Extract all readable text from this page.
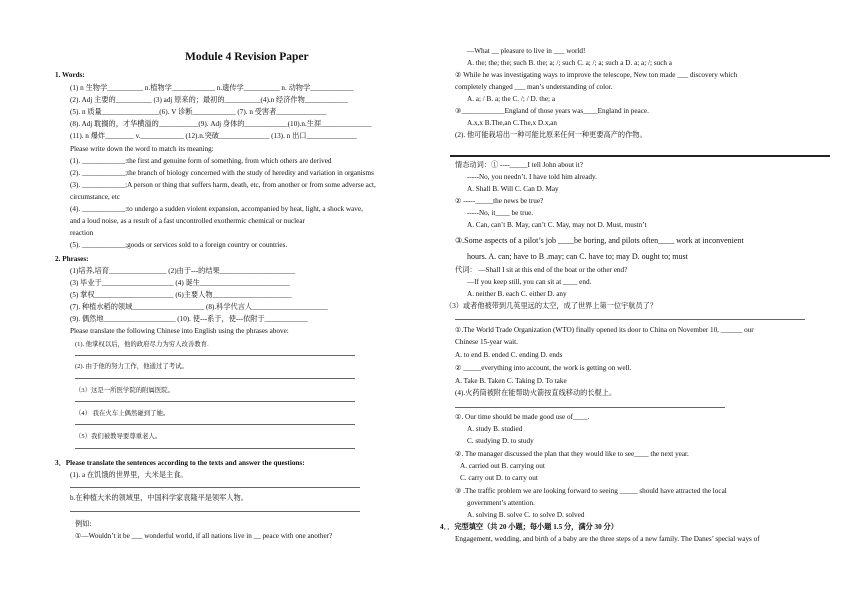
Module 4 Revision Paper
1. Words:
(1) n 生物学__________ n.植物学____________ n.遗传学__________ n. 动物学____________
(2). Adj 主要的__________ (3) adj 原来的；最初的__________(4).n 经济作物____________
(5). n 质量________________(6). V 诊断____________ (7). n 受害者______________
(8). Adj 耽搁的，才华横溢的___________(9). Adj 身体的____________(10).n.生涯______________
(11). n 爆炸________ v.____________ (12).n.突破______________ (13). n 出口______________
Please write down the word to match its meaning:
(1). ____________:the first and genuine form of something, from which others are derived
(2). ____________;the branch of biology concerned with the study of heredity and variation in organisms
(3). ____________;A person or thing that suffers harm, death, etc, from another or from some adverse act,
circumstance, etc
(4). ____________:to undergo a sudden violent expansion, accompanied by heat, light, a shock wave,
and a loud noise, as a result of a fast uncontrolled exothermic chemical or nuclear
reaction
(5). ____________;goods or services sold to a foreign country or countries.
2. Phrases:
(1)培养,培育________________ (2)由于---的结果_____________________
(3) 毕业于____________________ (4) 诞生_________________________
(5) 掌权______________________ (6)主要人物______________________
(7). 种植水稻的领域____________________ (8).科学代言人_____________________
(9). 偶然地____________________ (10). 使---系于，使---依附于____________
Please translate the following Chinese into English using the phrases above:
(1). 他掌权以后，他的政府尽力为穷人改善教育.
(2). 由于他的努力工作，他通过了考试。
（3）这是一所医学院的附属医院。
（4） 我在火车上偶然碰到了她。
（5）我们被教导要尊重老人。
3．Please translate the sentences according to the texts and answer the questions:
(1). a 在饥饿的世界里，大米是主食。
b.在种植大米的领域里，中国科学家袁隆平是领军人物。
例如:
①—Wouldn’t it be ___ wonderful world, if all nations live in __ peace with one another?
—What __ pleasure to live in ___ world!
A. the; the; the; such B. the; a; /; such C. a; /; a; such a D. a; a; /; such a
② While he was investigating ways to improve the telescope, New ton made ___ discovery which
completely changed ___ man’s understanding of color.
A. a; / B. a; the C. /; / D. the; a
③____________England of those years was____England in peace.
A.x,x B.The,an C.The,x D.x,an
(2). 他可能栽培出一种可能比原来任何一种更要高产的作物。
情态动词：① ----_____I tell John about it?
-----No, you needn’t. I have told him already.
A. Shall B. Will C. Can D. May
② -----_____the news be true?
-----No, it____ be true.
A. Can, can’t B. May, can’t C. May, may not D. Must, mustn’t
③.Some aspects of a pilot’s job ____be boring, and pilots often____ work at inconvenient
hours. A. can; have to B .may; can C. have to; may D. ought to; must
代词： —Shall I sit at this end of the boat or the other end?
—If you keep still, you can sit at ____ end.
A. neither B. each C. either D. any
（3）或者他被带到几英里远的太空，成了世界上第一位宇航员了？
①.The World Trade Organization (WTO) finally opened its door to China on November 10, ______ our
Chinese 15-year wait.
A. to end B. ended C. ending D. ends
② _____everything into account, the work is getting on well.
A. Take B. Taken C. Taking D. To take
(4).火药筒被附在能帮助火箭按直线移动的长棍上。
①. Our time should be made good use of____.
A. study B. studied
C. studying D. to study
②. The manager discussed the plan that they would like to see____ the next year.
A. carried out B. carrying out
C. carry out D. to carry out
③ .The traffic problem we are looking forward to seeing _____ should have attracted the local
government’s attention.
A. solving B. solve C. to solve D. solved
4．．完型填空（共 20 小题；每小题 1.5 分，满分 30 分）
Engagement, wedding, and birth of a baby are the three steps of a new family. The Danes’ special ways of
